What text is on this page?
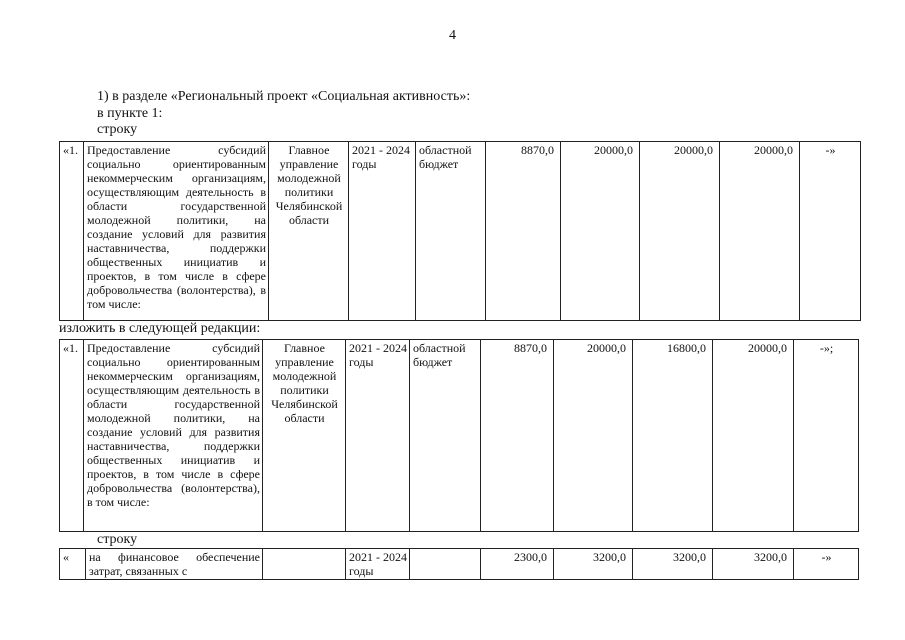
4
1) в разделе «Региональный проект «Социальная активность»:
в пункте 1:
строку
«1.	Предоставление субсидий социально ориентированным некоммерческим организациям, осуществляющим деятельность в области государственной молодежной политики, на создание условий для развития наставничества, поддержки общественных инициатив и проектов, в том числе в сфере добровольчества (волонтерства), в том числе:	Главное управление молодежной политики Челябинской области	2021 - 2024 годы	областной бюджет	8870,0	20000,0	20000,0	20000,0	-»
изложить в следующей редакции:
«1.	Предоставление субсидий социально ориентированным некоммерческим организациям, осуществляющим деятельность в области государственной молодежной политики, на создание условий для развития наставничества, поддержки общественных инициатив и проектов, в том числе в сфере добровольчества (волонтерства), в том числе:	Главное управление молодежной политики Челябинской области	2021 - 2024 годы	областной бюджет	8870,0	20000,0	16800,0	20000,0	-»;
строку
«	на финансовое обеспечение затрат, связанных с		2021 - 2024 годы		2300,0	3200,0	3200,0	3200,0	-»
